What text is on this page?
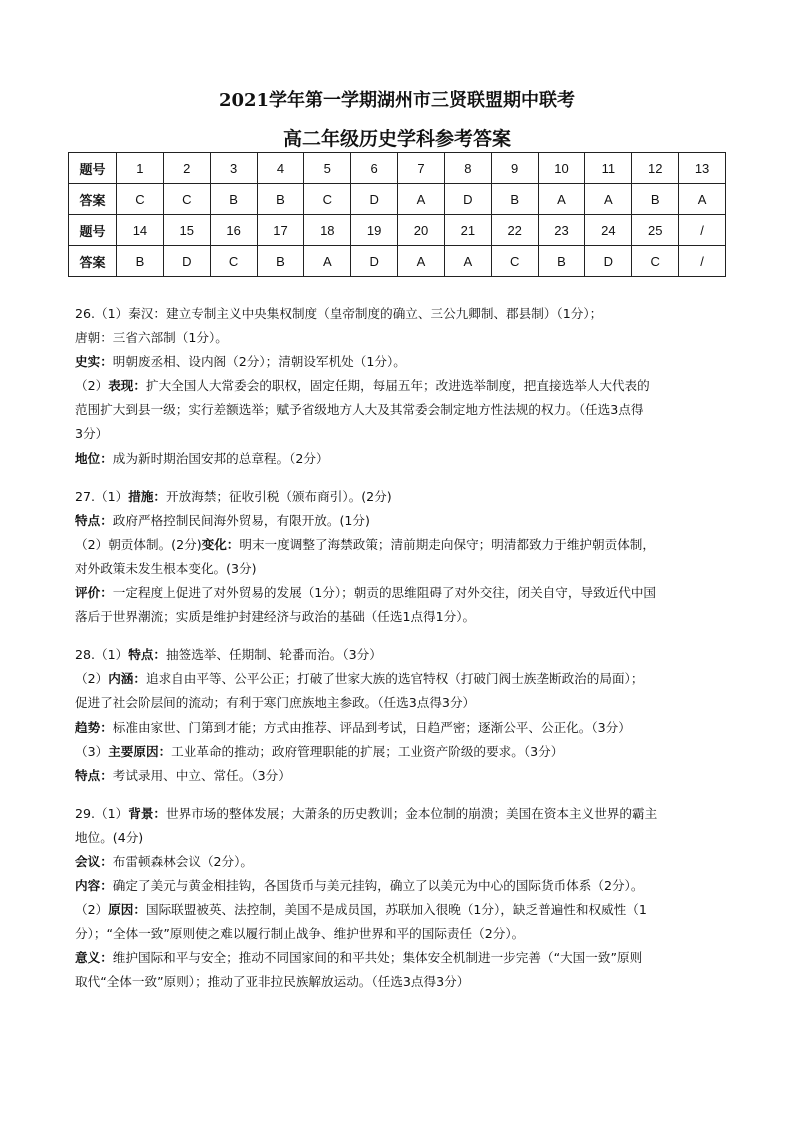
2021学年第一学期湖州市三贤联盟期中联考
高二年级历史学科参考答案
题号	1	2	3	4	5	6	7	8	9	10	11	12	13
答案	C	C	B	B	C	D	A	D	B	A	A	B	A
题号	14	15	16	17	18	19	20	21	22	23	24	25	/
答案	B	D	C	B	A	D	A	A	C	B	D	C	/

26.（1）秦汉：建立专制主义中央集权制度（皇帝制度的确立、三公九卿制、郡县制）（1分）；

唐朝：三省六部制（1分）。

史实：明朝废丞相、设内阁（2分）；清朝设军机处（1分）。

（2）表现：扩大全国人大常委会的职权，固定任期，每届五年；改进选举制度，把直接选举人大代表的

范围扩大到县一级；实行差额选举；赋予省级地方人大及其常委会制定地方性法规的权力。（任选3点得

3分）

地位：成为新时期治国安邦的总章程。（2分）

27.（1）措施：开放海禁；征收引税（颁布商引）。(2分)

特点：政府严格控制民间海外贸易，有限开放。(1分)

（2）朝贡体制。(2分)变化：明末一度调整了海禁政策；清前期走向保守；明清都致力于维护朝贡体制，

对外政策未发生根本变化。(3分)

评价：一定程度上促进了对外贸易的发展（1分）；朝贡的思维阻碍了对外交往，闭关自守，导致近代中国

落后于世界潮流；实质是维护封建经济与政治的基础（任选1点得1分）。

28.（1）特点：抽签选举、任期制、轮番而治。（3分）

（2）内涵：追求自由平等、公平公正；打破了世家大族的选官特权（打破门阀士族垄断政治的局面）；

促进了社会阶层间的流动；有利于寒门庶族地主参政。（任选3点得3分）

趋势：标准由家世、门第到才能；方式由推荐、评品到考试，日趋严密；逐渐公平、公正化。（3分）

（3）主要原因：工业革命的推动；政府管理职能的扩展；工业资产阶级的要求。（3分）

特点：考试录用、中立、常任。（3分）

29.（1）背景：世界市场的整体发展；大萧条的历史教训；金本位制的崩溃；美国在资本主义世界的霸主

地位。(4分)

会议：布雷顿森林会议（2分）。

内容：确定了美元与黄金相挂钩，各国货币与美元挂钩，确立了以美元为中心的国际货币体系（2分）。

（2）原因：国际联盟被英、法控制，美国不是成员国，苏联加入很晚（1分），缺乏普遍性和权威性（1

分）；“全体一致”原则使之难以履行制止战争、维护世界和平的国际责任（2分）。

意义：维护国际和平与安全；推动不同国家间的和平共处；集体安全机制进一步完善（“大国一致”原则

取代“全体一致”原则）；推动了亚非拉民族解放运动。（任选3点得3分）
